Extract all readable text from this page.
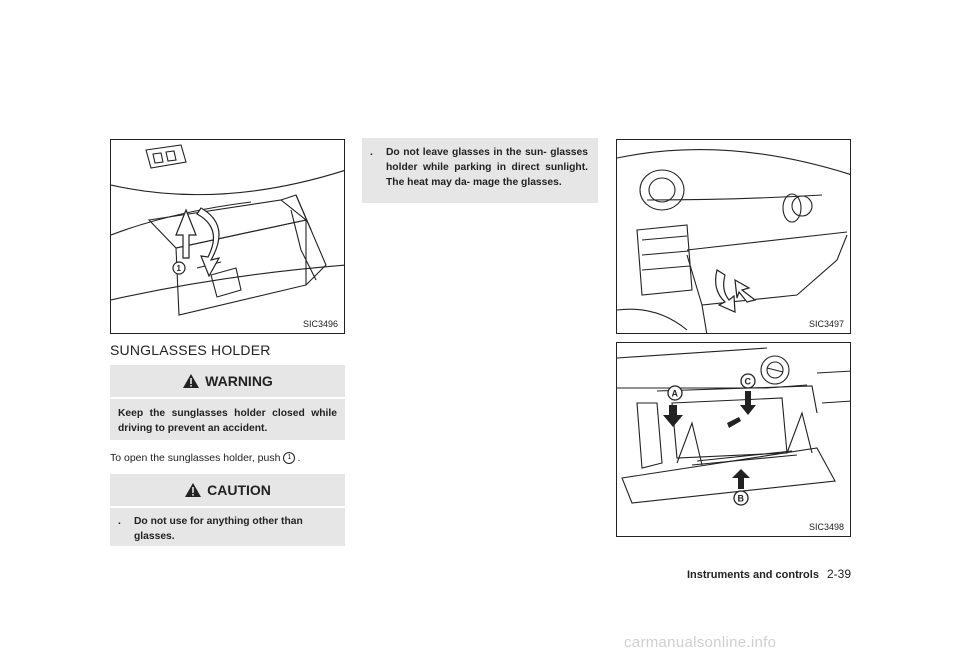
1
SIC3496
SUNGLASSES HOLDER
WARNING
Keep the sunglasses holder closed while driving to prevent an accident.
To open the sunglasses holder, push 1 .
CAUTION
.	Do not use for anything other than glasses.
.	Do not leave glasses in the sun- glasses holder while parking in direct sunlight. The heat may da- mage the glasses.
SIC3497
A
B
C
SIC3498
Instruments and controls 2-39
carmanualsonline.info
